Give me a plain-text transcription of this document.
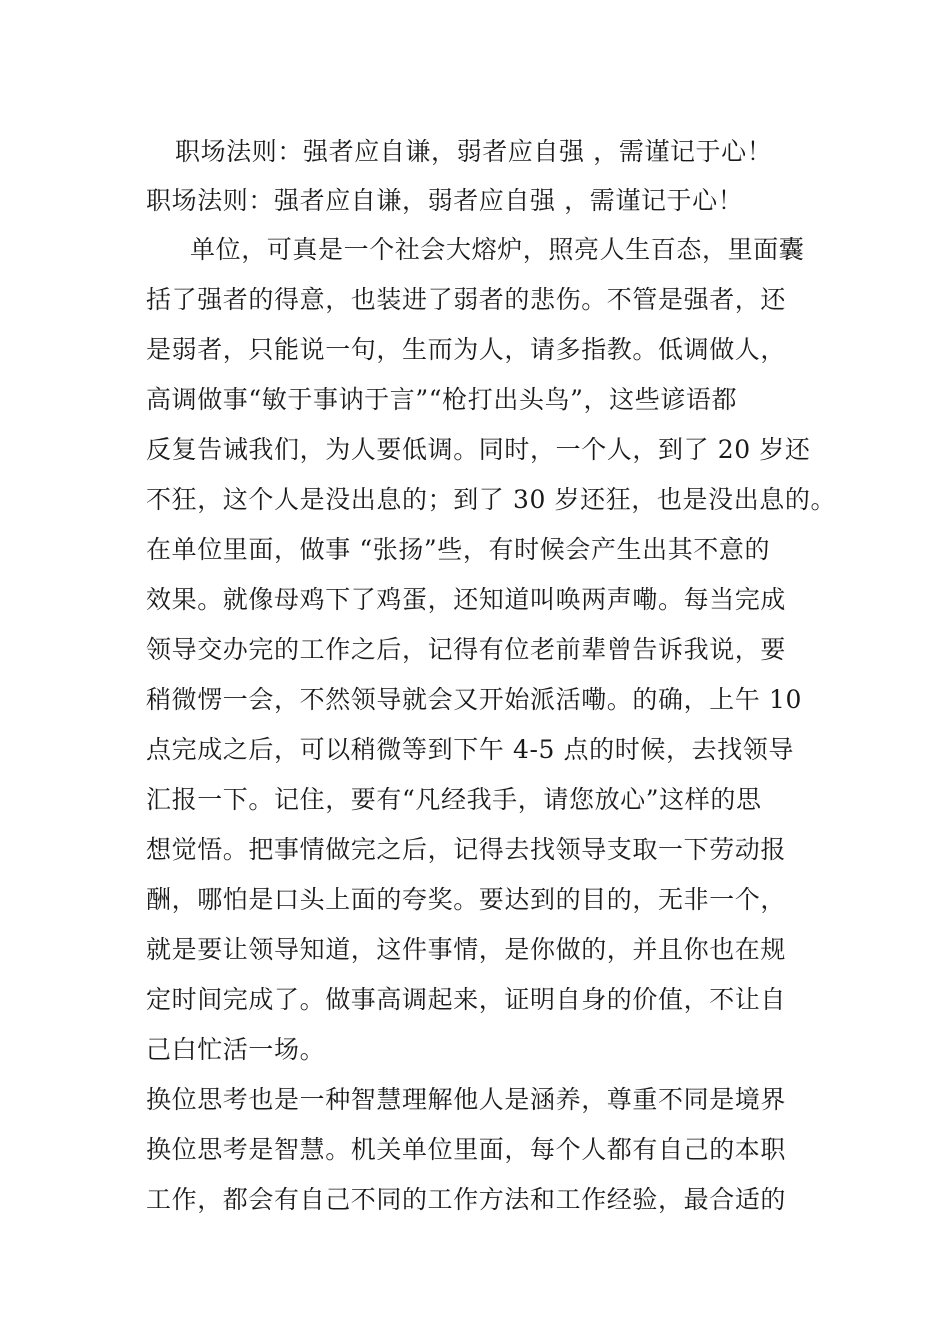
职场法则：强者应自谦，弱者应自强 ，需谨记于心！
职场法则：强者应自谦，弱者应自强 ，需谨记于心！
单位，可真是一个社会大熔炉，照亮人生百态，里面囊
括了强者的得意，也装进了弱者的悲伤。不管是强者，还
是弱者，只能说一句，生而为人，请多指教。低调做人，
高调做事“敏于事讷于言”“枪打出头鸟”，这些谚语都
反复告诫我们，为人要低调。同时，一个人，到了 20 岁还
不狂，这个人是没出息的；到了 30 岁还狂，也是没出息的。
在单位里面，做事 “张扬”些，有时候会产生出其不意的
效果。就像母鸡下了鸡蛋，还知道叫唤两声嘞。每当完成
领导交办完的工作之后，记得有位老前辈曾告诉我说，要
稍微愣一会，不然领导就会又开始派活嘞。的确，上午 10
点完成之后，可以稍微等到下午 4-5 点的时候，去找领导
汇报一下。记住，要有“凡经我手，请您放心”这样的思
想觉悟。把事情做完之后，记得去找领导支取一下劳动报
酬，哪怕是口头上面的夸奖。要达到的目的，无非一个，
就是要让领导知道，这件事情，是你做的，并且你也在规
定时间完成了。做事高调起来，证明自身的价值，不让自
己白忙活一场。
换位思考也是一种智慧理解他人是涵养，尊重不同是境界
换位思考是智慧。机关单位里面，每个人都有自己的本职
工作，都会有自己不同的工作方法和工作经验，最合适的
